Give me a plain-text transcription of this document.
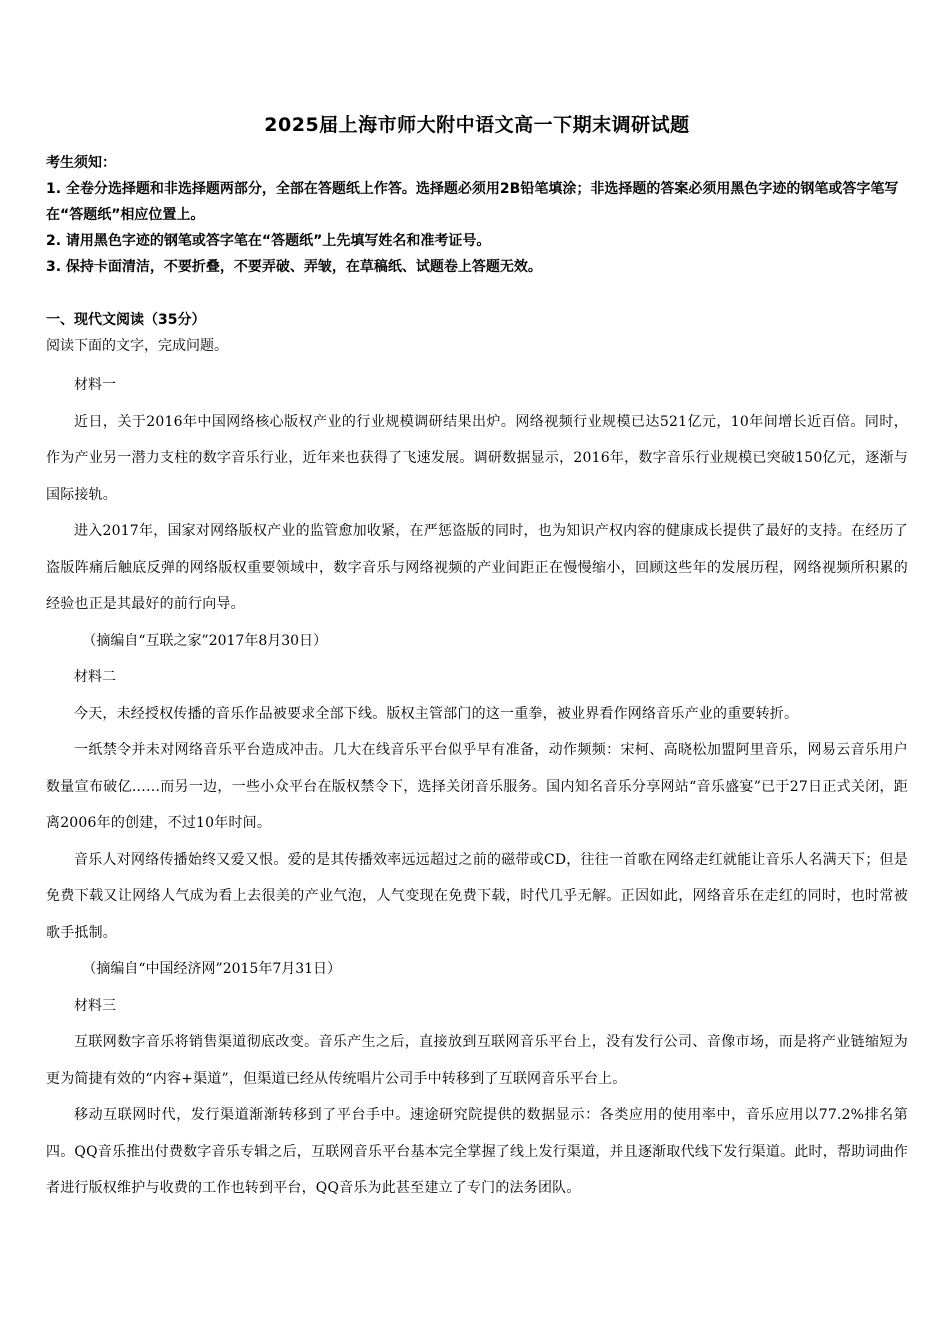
2025届上海市师大附中语文高一下期末调研试题

考生须知：

1. 全卷分选择题和非选择题两部分，全部在答题纸上作答。选择题必须用2B铅笔填涂；非选择题的答案必须用黑色字迹的钢笔或答字笔写在“答题纸”相应位置上。

2. 请用黑色字迹的钢笔或答字笔在“答题纸”上先填写姓名和准考证号。

3. 保持卡面清洁，不要折叠，不要弄破、弄皱，在草稿纸、试题卷上答题无效。

一、现代文阅读（35分）

阅读下面的文字，完成问题。

材料一

近日，关于2016年中国网络核心版权产业的行业规模调研结果出炉。网络视频行业规模已达521亿元，10年间增长近百倍。同时，作为产业另一潜力支柱的数字音乐行业，近年来也获得了飞速发展。调研数据显示，2016年，数字音乐行业规模已突破150亿元，逐渐与国际接轨。

进入2017年，国家对网络版权产业的监管愈加收紧，在严惩盗版的同时，也为知识产权内容的健康成长提供了最好的支持。在经历了盗版阵痛后触底反弹的网络版权重要领域中，数字音乐与网络视频的产业间距正在慢慢缩小，回顾这些年的发展历程，网络视频所积累的经验也正是其最好的前行向导。

（摘编自“互联之家”2017年8月30日）

材料二

今天，未经授权传播的音乐作品被要求全部下线。版权主管部门的这一重拳，被业界看作网络音乐产业的重要转折。

一纸禁令并未对网络音乐平台造成冲击。几大在线音乐平台似乎早有准备，动作频频：宋柯、高晓松加盟阿里音乐，网易云音乐用户数量宣布破亿……而另一边，一些小众平台在版权禁令下，选择关闭音乐服务。国内知名音乐分享网站“音乐盛宴”已于27日正式关闭，距离2006年的创建，不过10年时间。

音乐人对网络传播始终又爱又恨。爱的是其传播效率远远超过之前的磁带或CD，往往一首歌在网络走红就能让音乐人名满天下；但是免费下载又让网络人气成为看上去很美的产业气泡，人气变现在免费下载，时代几乎无解。正因如此，网络音乐在走红的同时，也时常被歌手抵制。

（摘编自“中国经济网”2015年7月31日）

材料三

互联网数字音乐将销售渠道彻底改变。音乐产生之后，直接放到互联网音乐平台上，没有发行公司、音像市场，而是将产业链缩短为更为简捷有效的“内容+渠道”，但渠道已经从传统唱片公司手中转移到了互联网音乐平台上。

移动互联网时代，发行渠道渐渐转移到了平台手中。速途研究院提供的数据显示：各类应用的使用率中，音乐应用以77.2%排名第四。QQ音乐推出付费数字音乐专辑之后，互联网音乐平台基本完全掌握了线上发行渠道，并且逐渐取代线下发行渠道。此时，帮助词曲作者进行版权维护与收费的工作也转到平台，QQ音乐为此甚至建立了专门的法务团队。
